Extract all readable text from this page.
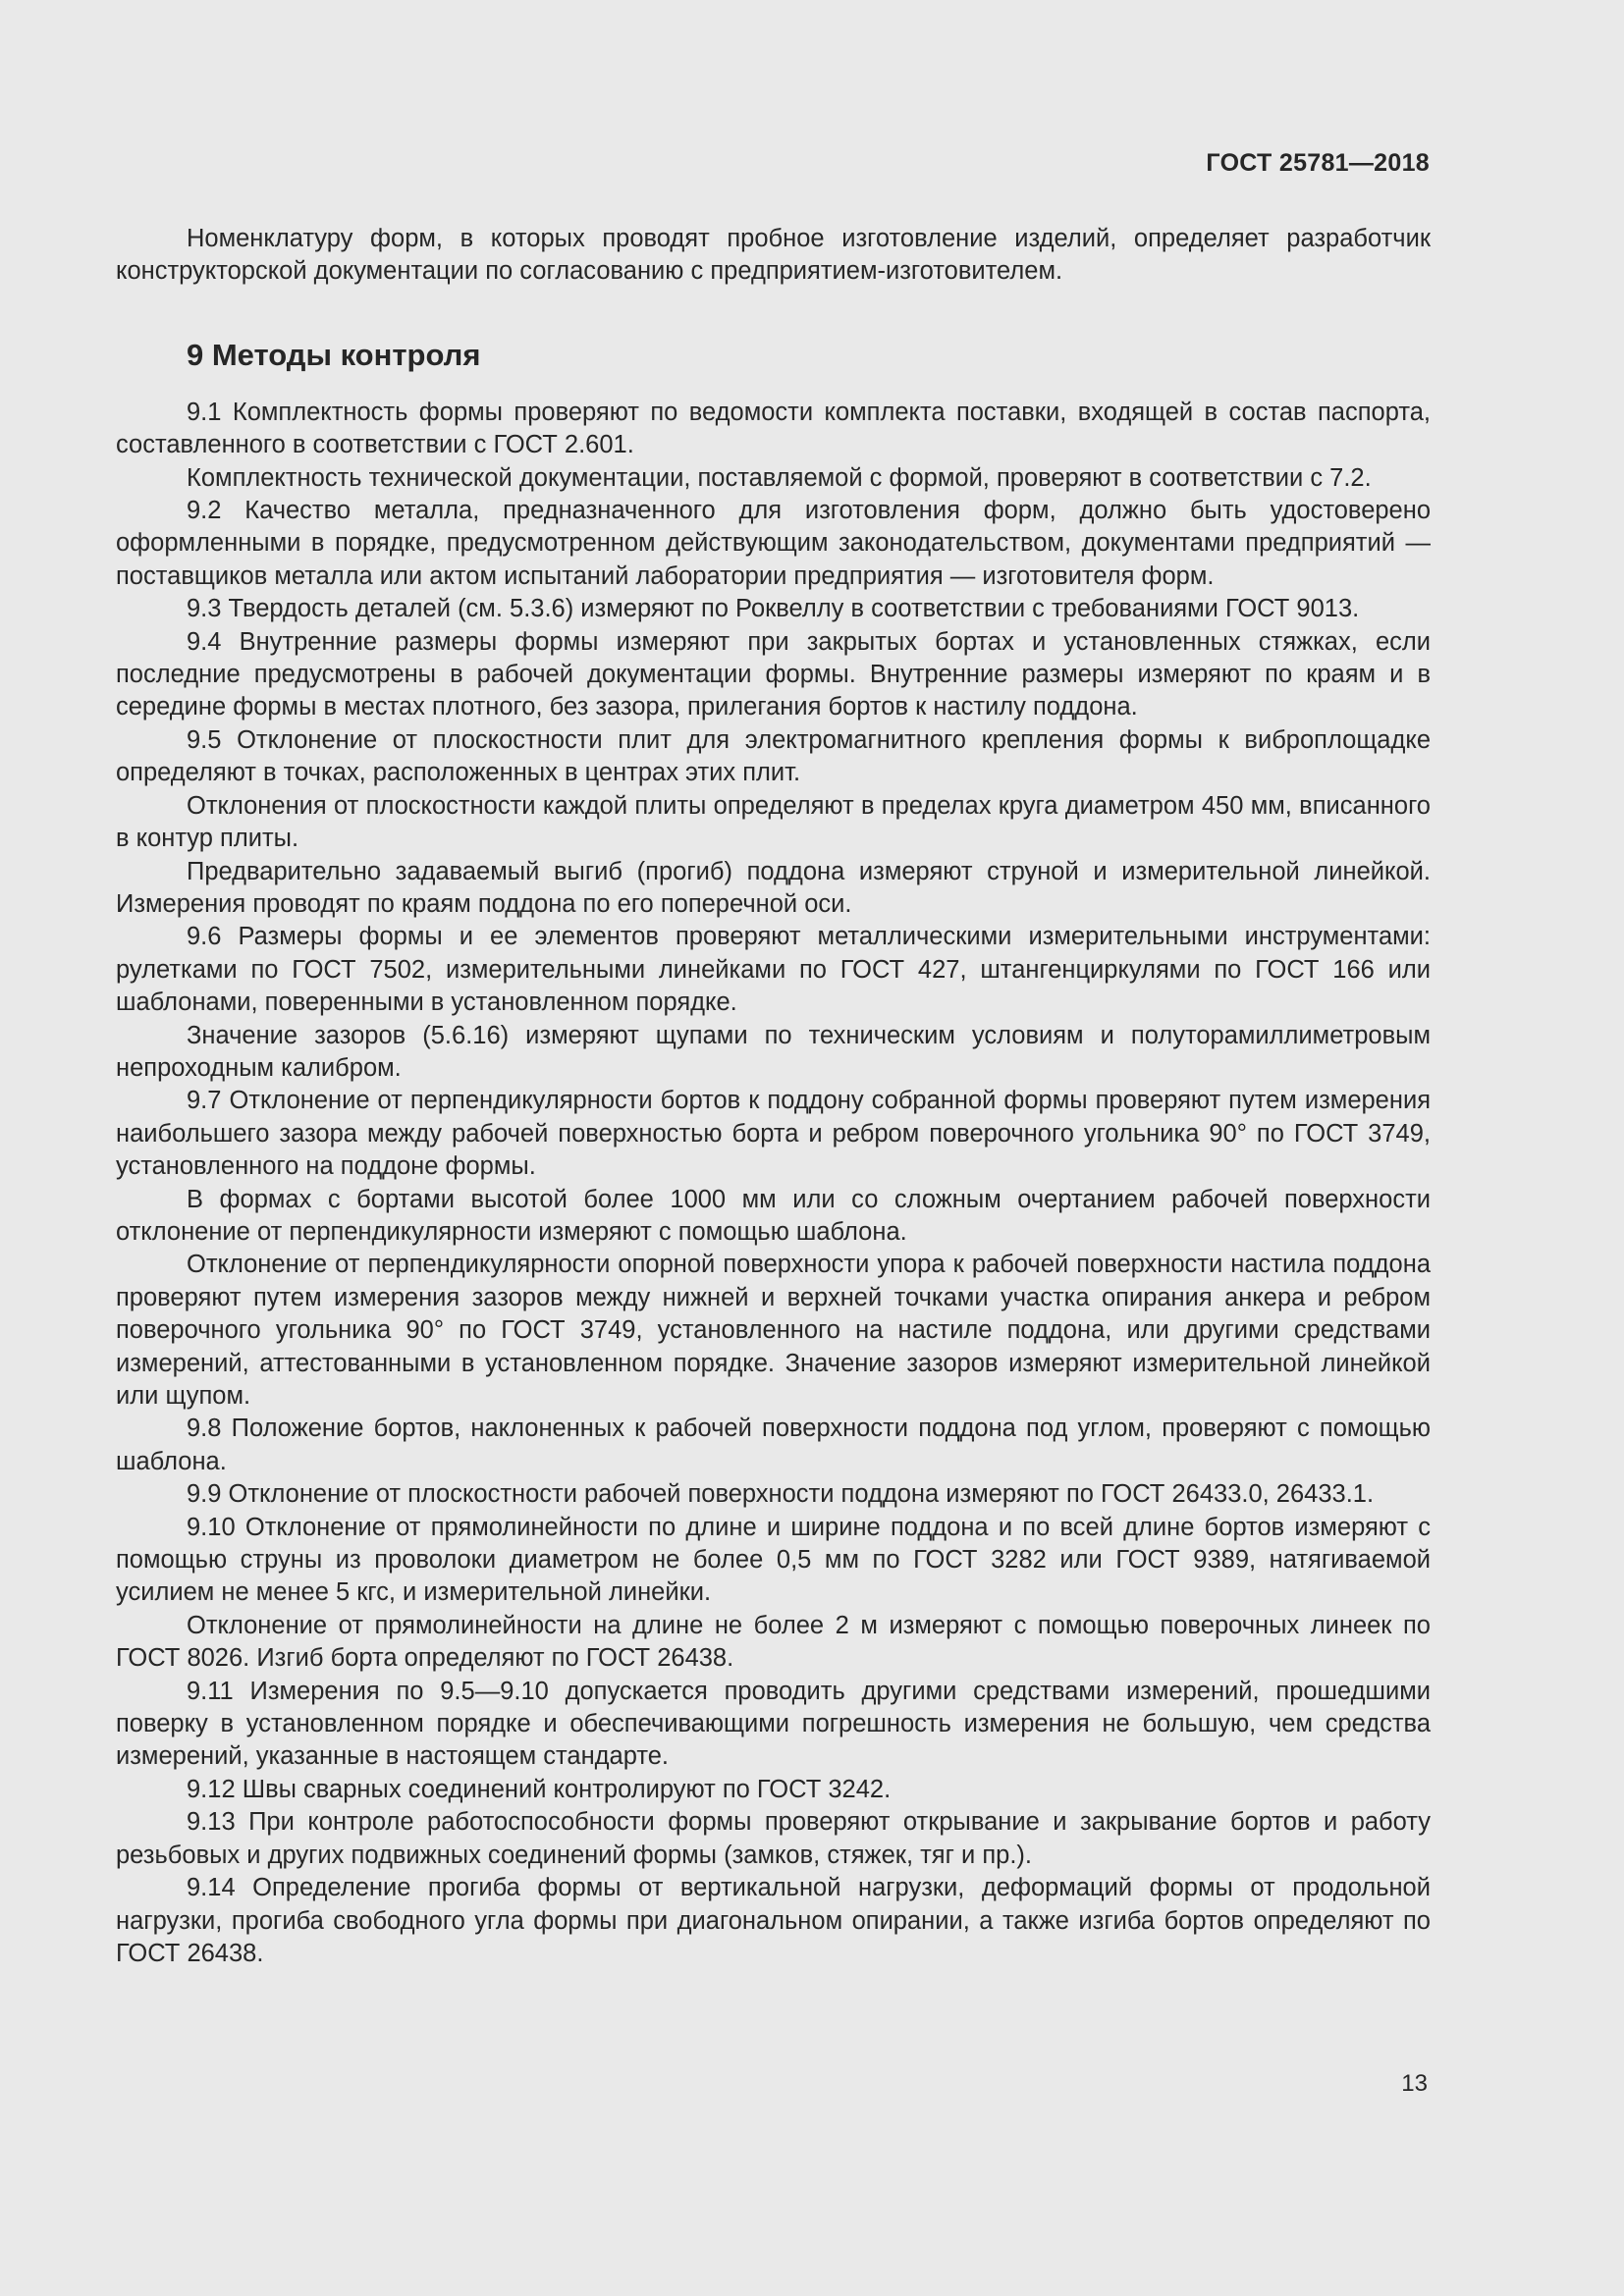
ГОСТ 25781—2018

Номенклатуру форм, в которых проводят пробное изготовление изделий, определяет разработчик конструкторской документации по согласованию с предприятием-изготовителем.

9 Методы контроля

9.1 Комплектность формы проверяют по ведомости комплекта поставки, входящей в состав паспорта, составленного в соответствии с ГОСТ 2.601.

Комплектность технической документации, поставляемой с формой, проверяют в соответствии с 7.2.

9.2 Качество металла, предназначенного для изготовления форм, должно быть удостоверено оформленными в порядке, предусмотренном действующим законодательством, документами предприятий — поставщиков металла или актом испытаний лаборатории предприятия — изготовителя форм.

9.3 Твердость деталей (см. 5.3.6) измеряют по Роквеллу в соответствии с требованиями ГОСТ 9013.

9.4 Внутренние размеры формы измеряют при закрытых бортах и установленных стяжках, если последние предусмотрены в рабочей документации формы. Внутренние размеры измеряют по краям и в середине формы в местах плотного, без зазора, прилегания бортов к настилу поддона.

9.5 Отклонение от плоскостности плит для электромагнитного крепления формы к виброплощадке определяют в точках, расположенных в центрах этих плит.

Отклонения от плоскостности каждой плиты определяют в пределах круга диаметром 450 мм, вписанного в контур плиты.

Предварительно задаваемый выгиб (прогиб) поддона измеряют струной и измерительной линейкой. Измерения проводят по краям поддона по его поперечной оси.

9.6 Размеры формы и ее элементов проверяют металлическими измерительными инструментами: рулетками по ГОСТ 7502, измерительными линейками по ГОСТ 427, штангенциркулями по ГОСТ 166 или шаблонами, поверенными в установленном порядке.

Значение зазоров (5.6.16) измеряют щупами по техническим условиям и полуторамиллиметровым непроходным калибром.

9.7 Отклонение от перпендикулярности бортов к поддону собранной формы проверяют путем измерения наибольшего зазора между рабочей поверхностью борта и ребром поверочного угольника 90° по ГОСТ 3749, установленного на поддоне формы.

В формах с бортами высотой более 1000 мм или со сложным очертанием рабочей поверхности отклонение от перпендикулярности измеряют с помощью шаблона.

Отклонение от перпендикулярности опорной поверхности упора к рабочей поверхности настила поддона проверяют путем измерения зазоров между нижней и верхней точками участка опирания анкера и ребром поверочного угольника 90° по ГОСТ 3749, установленного на настиле поддона, или другими средствами измерений, аттестованными в установленном порядке. Значение зазоров измеряют измерительной линейкой или щупом.

9.8 Положение бортов, наклоненных к рабочей поверхности поддона под углом, проверяют с помощью шаблона.

9.9 Отклонение от плоскостности рабочей поверхности поддона измеряют по ГОСТ 26433.0, 26433.1.

9.10 Отклонение от прямолинейности по длине и ширине поддона и по всей длине бортов измеряют с помощью струны из проволоки диаметром не более 0,5 мм по ГОСТ 3282 или ГОСТ 9389, натягиваемой усилием не менее 5 кгс, и измерительной линейки.

Отклонение от прямолинейности на длине не более 2 м измеряют с помощью поверочных линеек по ГОСТ 8026. Изгиб борта определяют по ГОСТ 26438.

9.11 Измерения по 9.5—9.10 допускается проводить другими средствами измерений, прошедшими поверку в установленном порядке и обеспечивающими погрешность измерения не большую, чем средства измерений, указанные в настоящем стандарте.

9.12 Швы сварных соединений контролируют по ГОСТ 3242.

9.13 При контроле работоспособности формы проверяют открывание и закрывание бортов и работу резьбовых и других подвижных соединений формы (замков, стяжек, тяг и пр.).

9.14 Определение прогиба формы от вертикальной нагрузки, деформаций формы от продольной нагрузки, прогиба свободного угла формы при диагональном опирании, а также изгиба бортов определяют по ГОСТ 26438.

13
